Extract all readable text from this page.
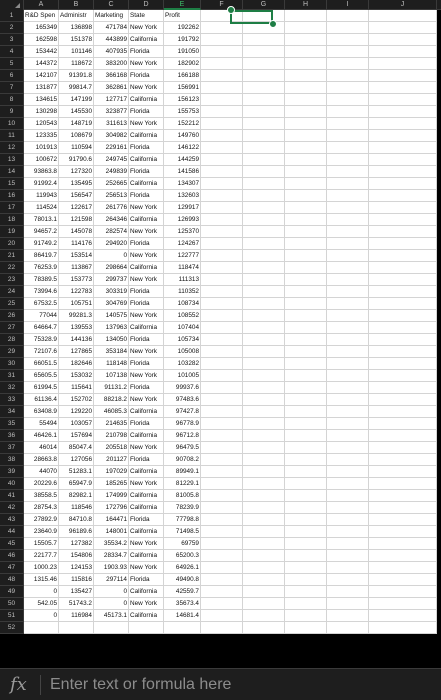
A	B	C	D	E	F	G	H	I	J
1	R&D Spen Administr	Marketing	State	Profit
2	165349	136898	471784 New York	192262
3	162598	151378	443899 California	191792
4	153442	101146	407935 Florida	191050
5	144372	118672	383200 New York	182902
6	142107	91391.8	366168 Florida	166188
7	131877	99814.7	362861 New York	156991
8	134615	147199	127717 California	156123
9	130298	145530	323877 Florida	155753
10	120543	148719	311613 New York	152212
11	123335	108679	304982 California	149760
12	101913	110594	229161 Florida	146122
13	100672	91790.6	249745 California	144259
14	93863.8	127320	249839 Florida	141586
15	91992.4	135495	252665 California	134307
16	119943	156547	256513 Florida	132603
17	114524	122617	261776 New York	129917
18	78013.1	121598	264346 California	126993
19	94657.2	145078	282574 New York	125370
20	91749.2	114176	294920 Florida	124267
21	86419.7	153514	0 New York	122777
22	76253.9	113867	298664 California	118474
23	78389.5	153773	299737 New York	111313
24	73994.6	122783	303319 Florida	110352
25	67532.5	105751	304769 Florida	108734
26	77044	99281.3	140575 New York	108552
27	64664.7	139553	137963 California	107404
28	75328.9	144136	134050 Florida	105734
29	72107.6	127865	353184 New York	105008
30	66051.5	182646	118148 Florida	103282
31	65605.5	153032	107138 New York	101005
32	61994.5	115641	91131.2 Florida	99937.6
33	61136.4	152702	88218.2 New York	97483.6
34	63408.9	129220	46085.3 California	97427.8
35	55494	103057	214635 Florida	96778.9
36	46426.1	157694	210798 California	96712.8
37	46014	85047.4	205518 New York	96479.5
38	28663.8	127056	201127 Florida	90708.2
39	44070	51283.1	197029 California	89949.1
40	20229.6	65947.9	185265 New York	81229.1
41	38558.5	82982.1	174999 California	81005.8
42	28754.3	118546	172796 California	78239.9
43	27892.9	84710.8	164471 Florida	77798.8
44	23640.9	96189.6	148001 California	71498.5
45	15505.7	127382	35534.2 New York	69759
46	22177.7	154806	28334.7 California	65200.3
47	1000.23	124153	1903.93 New York	64926.1
48	1315.46	115816	297114 Florida	49490.8
49	0	135427	0 California	42559.7
50	542.05	51743.2	0 New York	35673.4
51	0	116984	45173.1 California	14681.4
52
fx
Enter text or formula here
